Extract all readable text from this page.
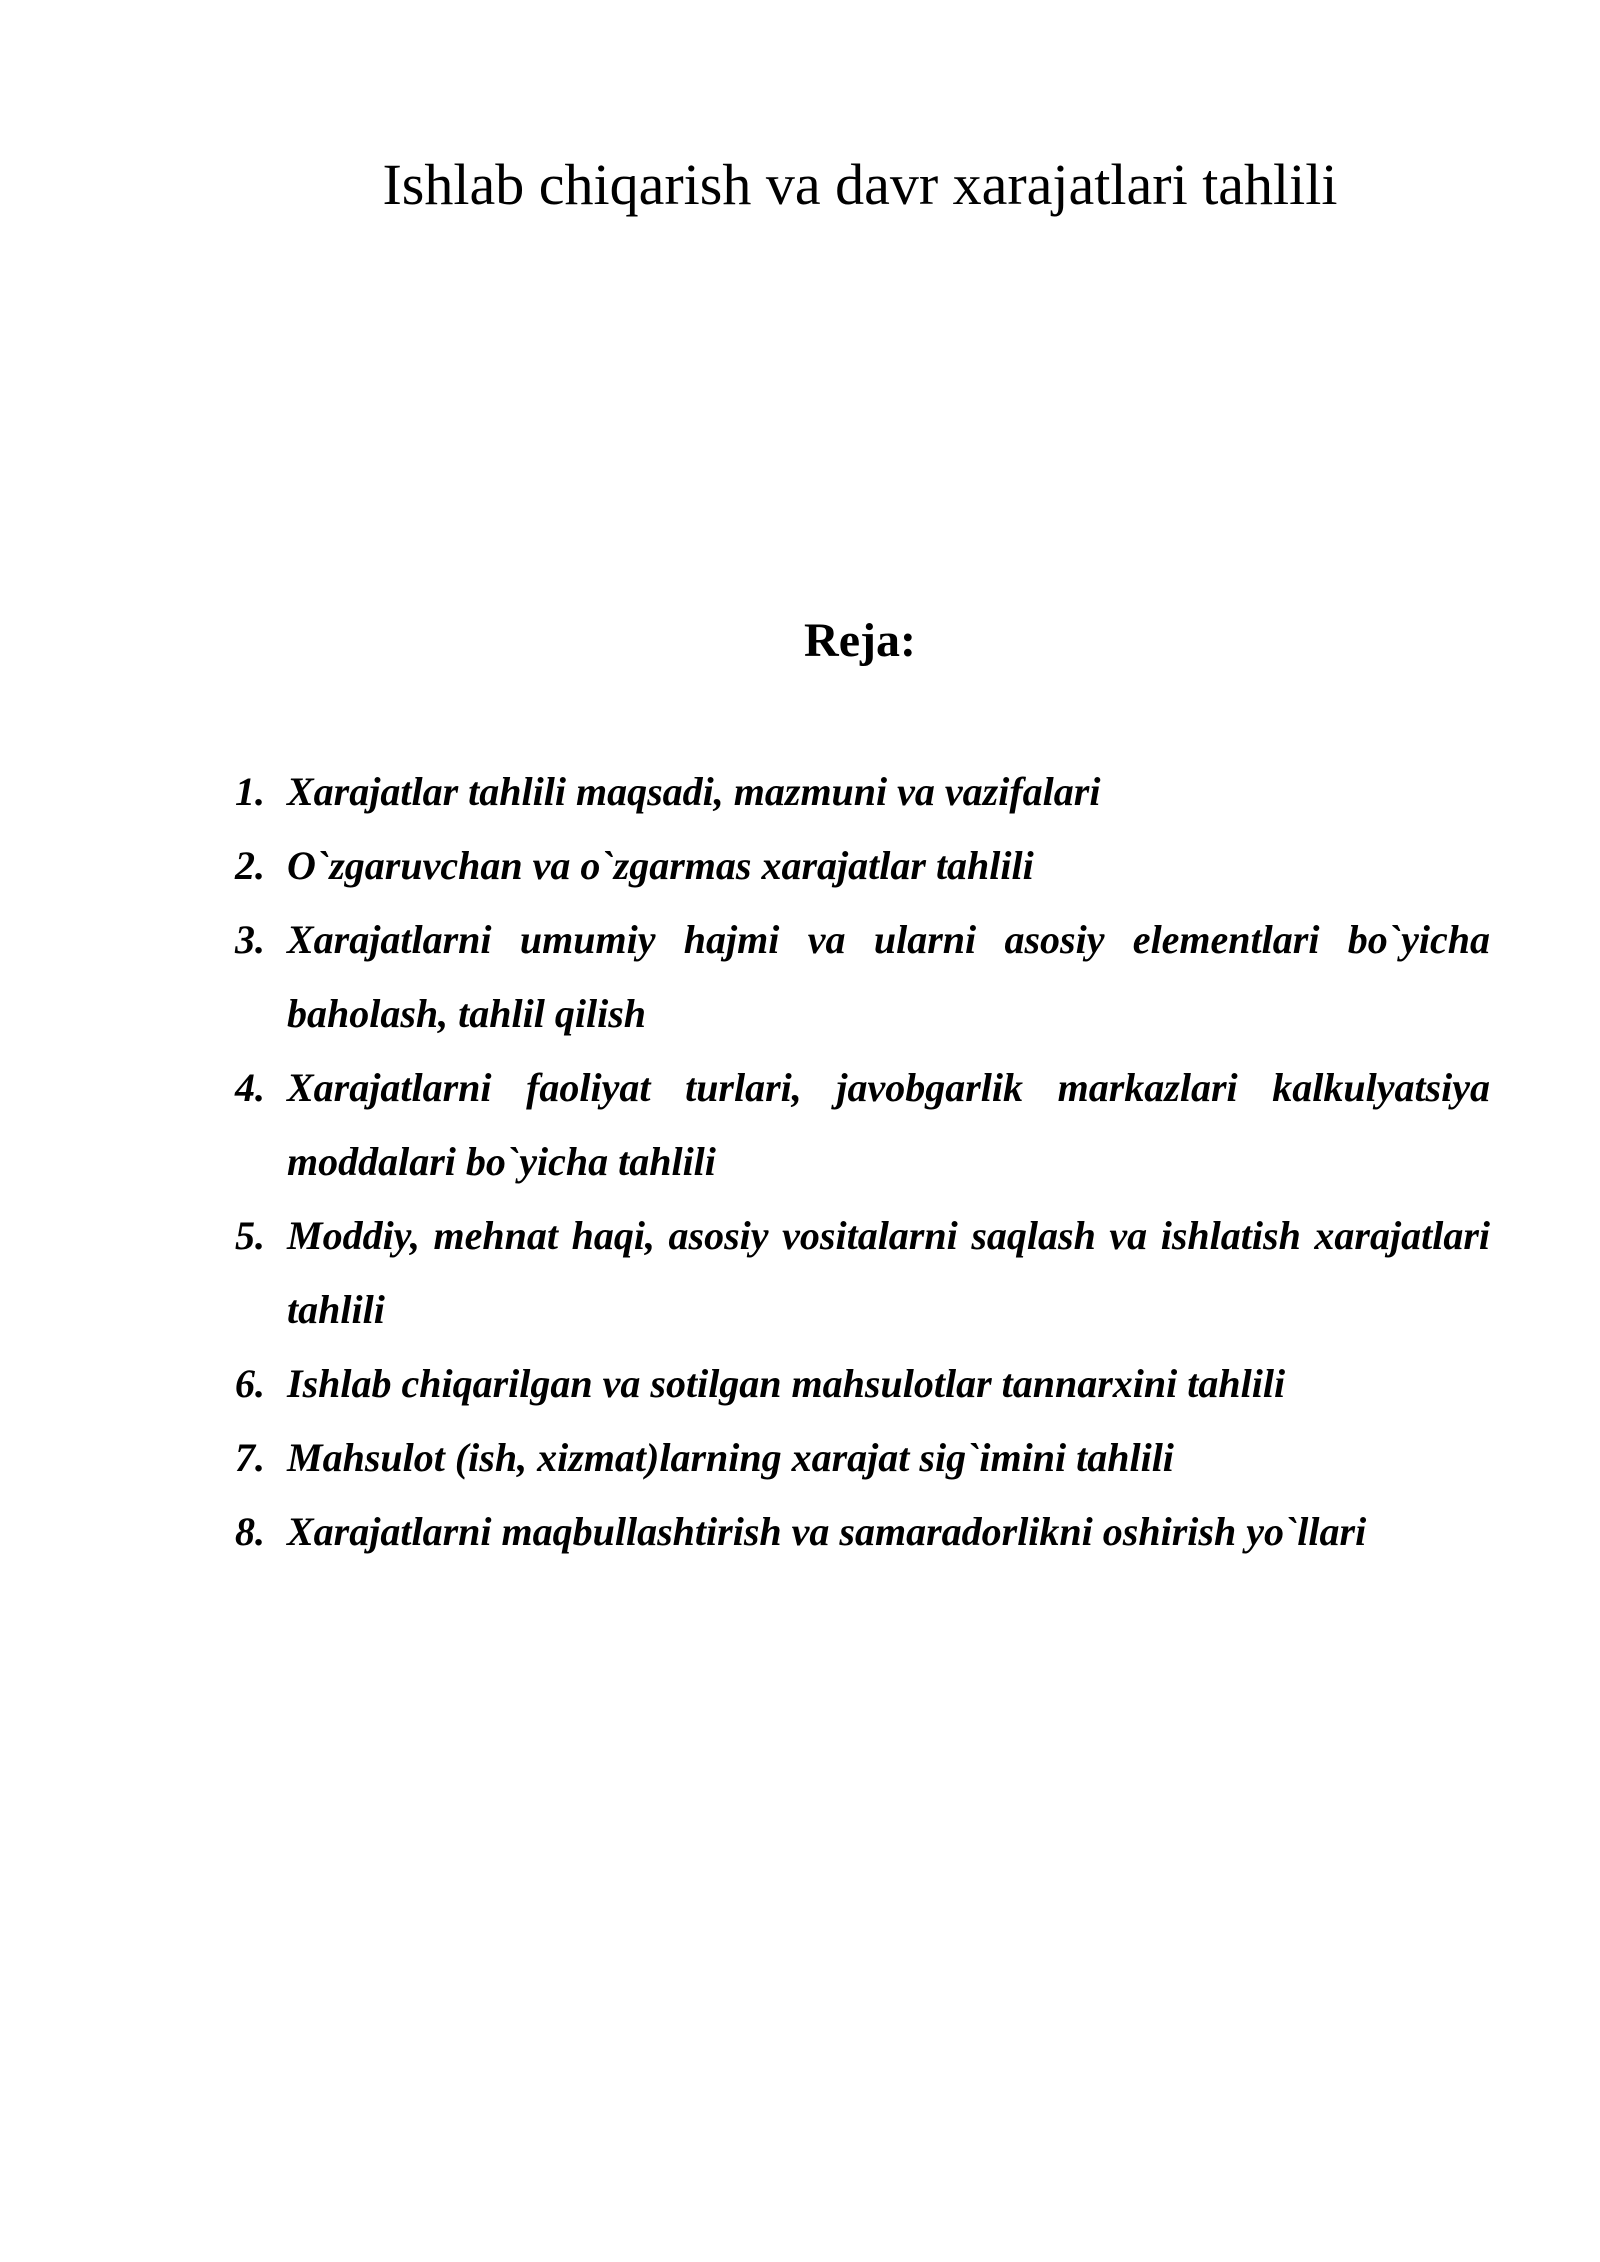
Ishlab chiqarish va davr xarajatlari tahlili
Reja:
1. Xarajatlar tahlili maqsadi, mazmuni va vazifalari
2. O`zgaruvchan va o`zgarmas xarajatlar tahlili
3. Xarajatlarni umumiy hajmi va ularni asosiy elementlari bo`yicha baholash, tahlil qilish
4. Xarajatlarni faoliyat turlari, javobgarlik markazlari kalkulyatsiya moddalari bo`yicha tahlili
5. Moddiy, mehnat haqi, asosiy vositalarni saqlash va ishlatish xarajatlari tahlili
6. Ishlab chiqarilgan va sotilgan mahsulotlar tannarxini tahlili
7. Mahsulot (ish, xizmat)larning xarajat sig`imini tahlili
8. Xarajatlarni maqbullashtirish va samaradorlikni oshirish yo`llari
